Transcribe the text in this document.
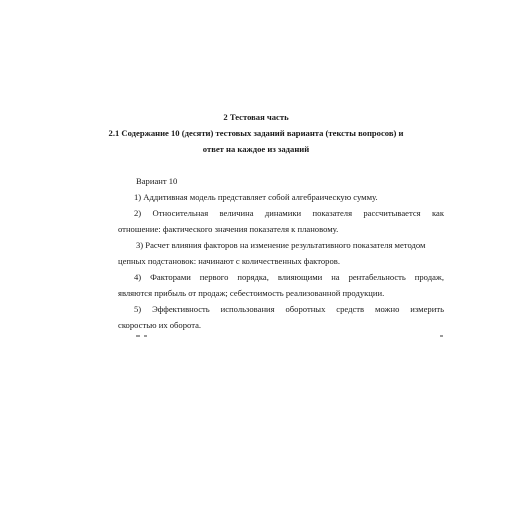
2 Тестовая часть
2.1 Содержание 10 (десяти) тестовых заданий варианта (тексты вопросов) и
ответ на каждое из заданий
Вариант 10
1) Аддитивная модель представляет собой алгебраическую сумму.
2) Относительная величина динамики показателя рассчитывается как
отношение: фактического значения показателя к плановому.
3) Расчет влияния факторов на изменение результативного показателя методом
цепных подстановок: начинают с количественных факторов.
4) Факторами первого порядка, влияющими на рентабельность продаж,
являются прибыль от продаж; себестоимость реализованной продукции.
5) Эффективность использования оборотных средств можно измерить
скоростью их оборота.
